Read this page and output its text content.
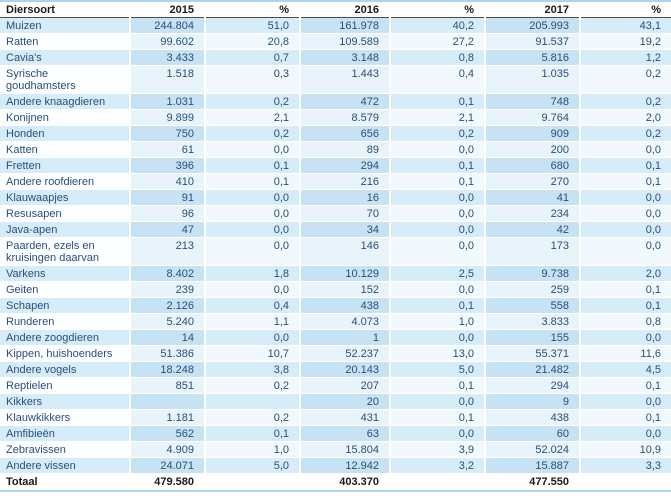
Diersoort	2015	%	2016	%	2017	%
Muizen	244.804	51,0	161.978	40,2	205.993	43,1
Ratten	99.602	20,8	109.589	27,2	91.537	19,2
Cavia's	3.433	0,7	3.148	0,8	5.816	1,2
Syrische goudhamsters	1.518	0,3	1.443	0,4	1.035	0,2
Andere knaagdieren	1.031	0,2	472	0,1	748	0,2
Konijnen	9.899	2,1	8.579	2,1	9.764	2,0
Honden	750	0,2	656	0,2	909	0,2
Katten	61	0,0	89	0,0	200	0,0
Fretten	396	0,1	294	0,1	680	0,1
Andere roofdieren	410	0,1	216	0,1	270	0,1
Klauwaapjes	91	0,0	16	0,0	41	0,0
Resusapen	96	0,0	70	0,0	234	0,0
Java-apen	47	0,0	34	0,0	42	0,0
Paarden, ezels en kruisingen daarvan	213	0,0	146	0,0	173	0,0
Varkens	8.402	1,8	10.129	2,5	9.738	2,0
Geiten	239	0,0	152	0,0	259	0,1
Schapen	2.126	0,4	438	0,1	558	0,1
Runderen	5.240	1,1	4.073	1,0	3.833	0,8
Andere zoogdieren	14	0,0	1	0,0	155	0,0
Kippen, huishoenders	51.386	10,7	52.237	13,0	55.371	11,6
Andere vogels	18.248	3,8	20.143	5,0	21.482	4,5
Reptielen	851	0,2	207	0,1	294	0,1
Kikkers			20	0,0	9	0,0
Klauwkikkers	1.181	0,2	431	0,1	438	0,1
Amfibieën	562	0,1	63	0,0	60	0,0
Zebravissen	4.909	1,0	15.804	3,9	52.024	10,9
Andere vissen	24.071	5,0	12.942	3,2	15.887	3,3
Totaal	479.580		403.370		477.550	
